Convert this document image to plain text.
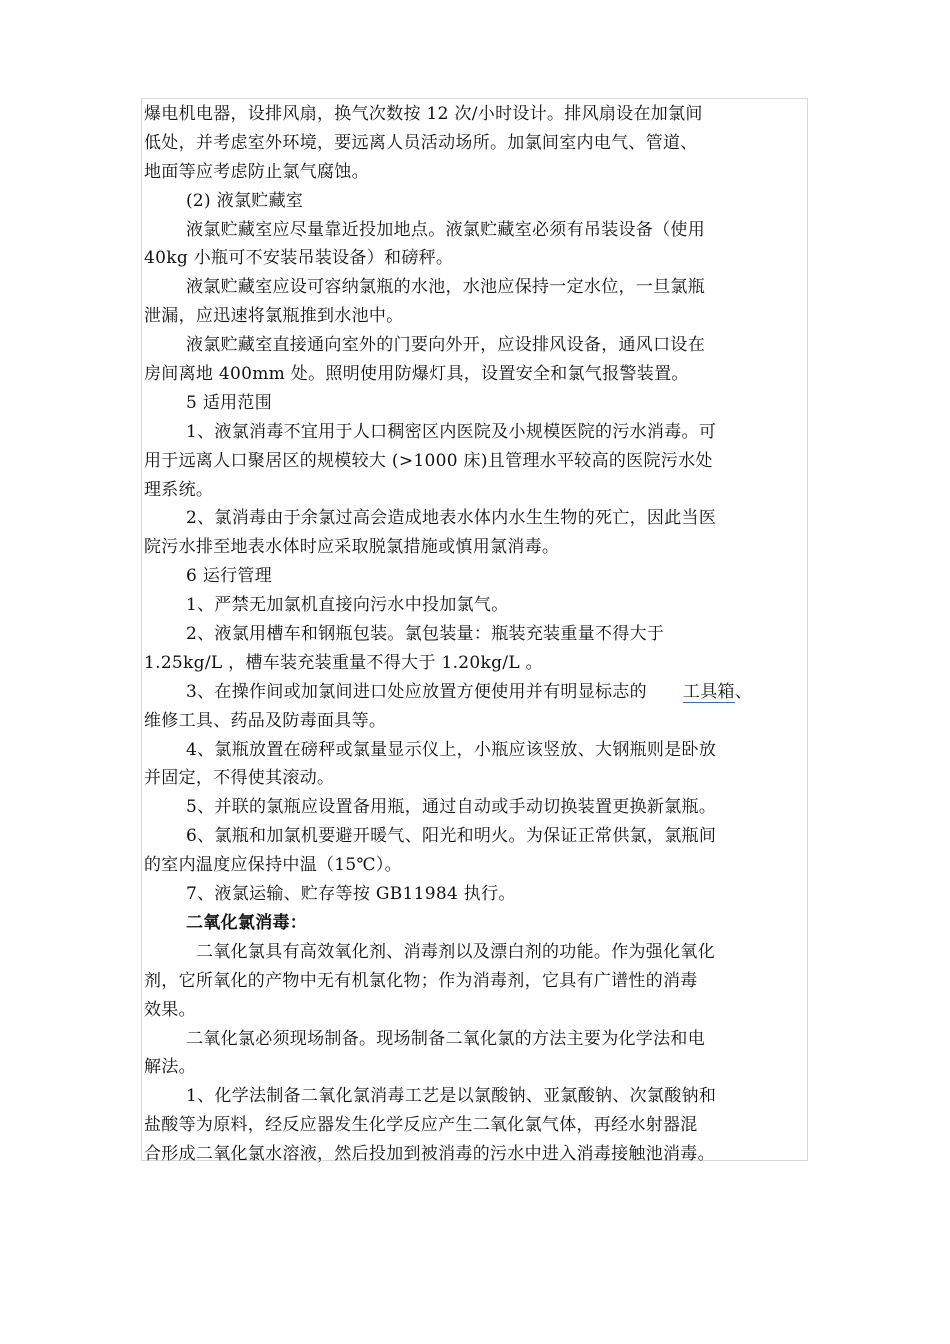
爆电机电器，设排风扇，换气次数按 12 次/小时设计。排风扇设在加氯间
低处，并考虑室外环境，要远离人员活动场所。加氯间室内电气、管道、
地面等应考虑防止氯气腐蚀。
(2) 液氯贮藏室
液氯贮藏室应尽量靠近投加地点。液氯贮藏室必须有吊装设备（使用
40kg 小瓶可不安装吊装设备）和磅秤。
液氯贮藏室应设可容纳氯瓶的水池，水池应保持一定水位，一旦氯瓶
泄漏，应迅速将氯瓶推到水池中。
液氯贮藏室直接通向室外的门要向外开，应设排风设备，通风口设在
房间离地 400mm 处。照明使用防爆灯具，设置安全和氯气报警装置。
5 适用范围
1、液氯消毒不宜用于人口稠密区内医院及小规模医院的污水消毒。可
用于远离人口聚居区的规模较大 (>1000 床)且管理水平较高的医院污水处
理系统。
2、氯消毒由于余氯过高会造成地表水体内水生生物的死亡，因此当医
院污水排至地表水体时应采取脱氯措施或慎用氯消毒。
6 运行管理
1、严禁无加氯机直接向污水中投加氯气。
2、液氯用槽车和钢瓶包装。氯包装量：瓶装充装重量不得大于
1.25kg/L ，槽车装充装重量不得大于 1.20kg/L 。
3、在操作间或加氯间进口处应放置方便使用并有明显标志的 工具箱、
维修工具、药品及防毒面具等。
4、氯瓶放置在磅秤或氯量显示仪上，小瓶应该竖放、大钢瓶则是卧放
并固定，不得使其滚动。
5、并联的氯瓶应设置备用瓶，通过自动或手动切换装置更换新氯瓶。
6、氯瓶和加氯机要避开暖气、阳光和明火。为保证正常供氯，氯瓶间
的室内温度应保持中温（15℃）。
7、液氯运输、贮存等按 GB11984 执行。
二氧化氯消毒：
二氧化氯具有高效氧化剂、消毒剂以及漂白剂的功能。作为强化氧化
剂，它所氧化的产物中无有机氯化物；作为消毒剂，它具有广谱性的消毒
效果。
二氧化氯必须现场制备。现场制备二氧化氯的方法主要为化学法和电
解法。
1、化学法制备二氧化氯消毒工艺是以氯酸钠、亚氯酸钠、次氯酸钠和
盐酸等为原料，经反应器发生化学反应产生二氧化氯气体，再经水射器混
合形成二氧化氯水溶液，然后投加到被消毒的污水中进入消毒接触池消毒。
